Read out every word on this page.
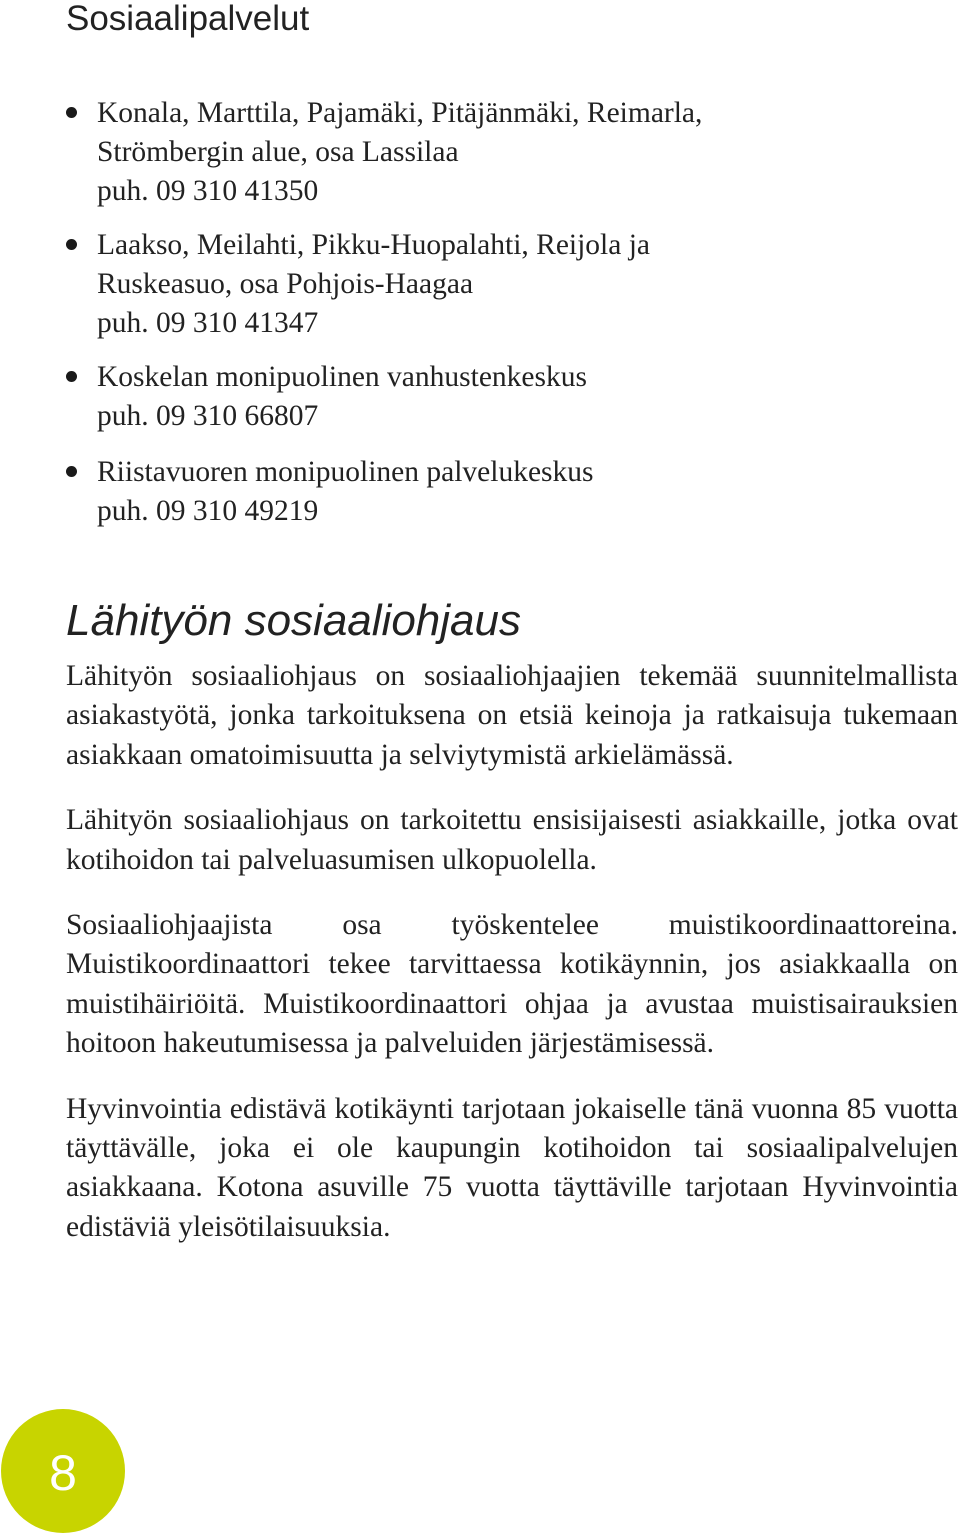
Sosiaalipalvelut
Konala, Marttila, Pajamäki, Pitäjänmäki, Reimarla,
Strömbergin alue, osa Lassilaa
puh. 09 310 41350
Laakso, Meilahti, Pikku-Huopalahti, Reijola ja
Ruskeasuo, osa Pohjois-Haagaa
puh. 09 310 41347
Koskelan monipuolinen vanhustenkeskus
puh. 09 310 66807
Riistavuoren monipuolinen palvelukeskus
puh. 09 310 49219
Lähityön sosiaaliohjaus

Lähityön sosiaaliohjaus on sosiaaliohjaajien tekemää suunnitelmallista asiakastyötä, jonka tarkoituksena on etsiä keinoja ja ratkaisuja tukemaan asiakkaan omatoimisuutta ja selviytymistä arkielämässä.

Lähityön sosiaaliohjaus on tarkoitettu ensisijaisesti asiakkaille, jotka ovat kotihoidon tai palveluasumisen ulkopuolella.

Sosiaaliohjaajista osa työskentelee muistikoordinaattoreina. Muistikoordinaattori tekee tarvittaessa kotikäynnin, jos asiakkaalla on muistihäiriöitä. Muistikoordinaattori ohjaa ja avustaa muistisairauksien hoitoon hakeutumisessa ja palveluiden järjestämisessä.

Hyvinvointia edistävä kotikäynti tarjotaan jokaiselle tänä vuonna 85 vuotta täyttävälle, joka ei ole kaupungin kotihoidon tai sosiaalipalvelujen asiakkaana. Kotona asuville 75 vuotta täyttäville tarjotaan Hyvinvointia edistäviä yleisötilaisuuksia.

8
